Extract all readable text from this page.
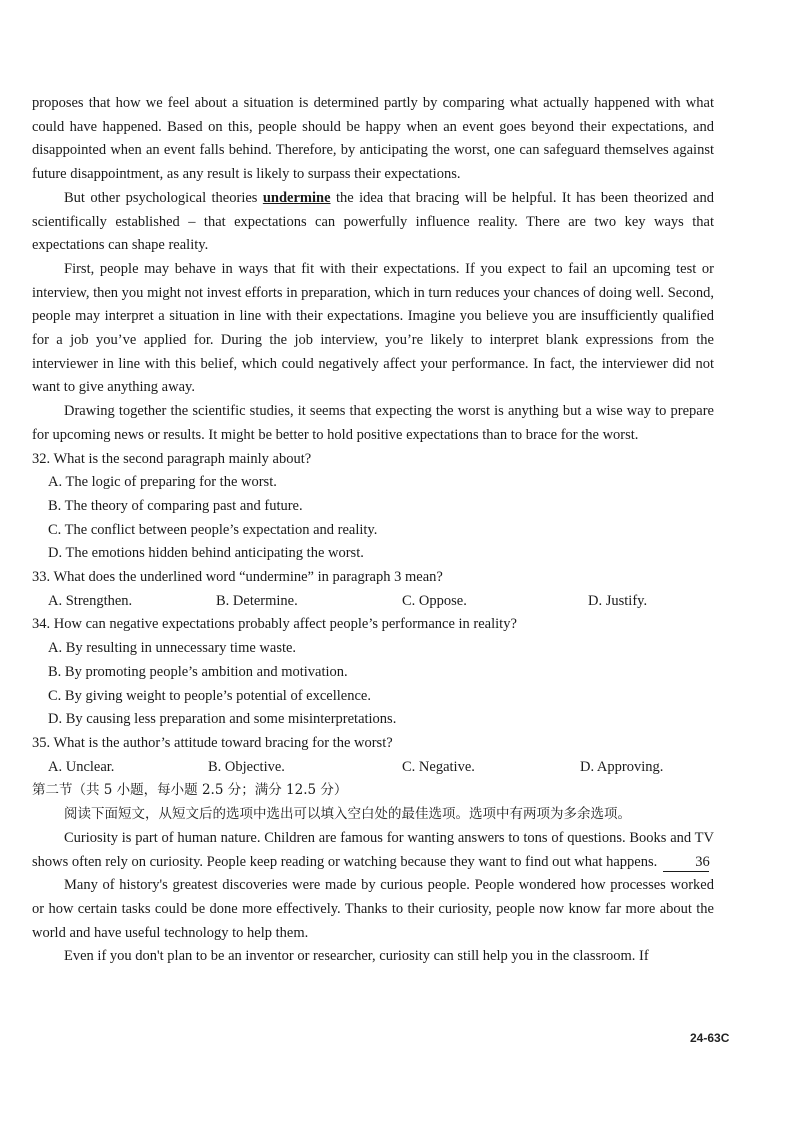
proposes that how we feel about a situation is determined partly by comparing what actually happened with what could have happened. Based on this, people should be happy when an event goes beyond their expectations, and disappointed when an event falls behind. Therefore, by anticipating the worst, one can safeguard themselves against future disappointment, as any result is likely to surpass their expectations.

But other psychological theories undermine the idea that bracing will be helpful. It has been theorized and scientifically established – that expectations can powerfully influence reality. There are two key ways that expectations can shape reality.

First, people may behave in ways that fit with their expectations. If you expect to fail an upcoming test or interview, then you might not invest efforts in preparation, which in turn reduces your chances of doing well. Second, people may interpret a situation in line with their expectations. Imagine you believe you are insufficiently qualified for a job you’ve applied for. During the job interview, you’re likely to interpret blank expressions from the interviewer in line with this belief, which could negatively affect your performance. In fact, the interviewer did not want to give anything away.

Drawing together the scientific studies, it seems that expecting the worst is anything but a wise way to prepare for upcoming news or results. It might be better to hold positive expectations than to brace for the worst.

32. What is the second paragraph mainly about?
A. The logic of preparing for the worst.
B. The theory of comparing past and future.
C. The conflict between people’s expectation and reality.
D. The emotions hidden behind anticipating the worst.
33. What does the underlined word “undermine” in paragraph 3 mean?
A. Strengthen.	B. Determine.	C. Oppose.	D. Justify.
34. How can negative expectations probably affect people’s performance in reality?
A. By resulting in unnecessary time waste.
B. By promoting people’s ambition and motivation.
C. By giving weight to people’s potential of excellence.
D. By causing less preparation and some misinterpretations.
35. What is the author’s attitude toward bracing for the worst?
A. Unclear.	B. Objective.	C. Negative.	D. Approving.
第二节（共 5 小题，每小题 2.5 分；满分 12.5 分）
阅读下面短文，从短文后的选项中选出可以填入空白处的最佳选项。选项中有两项为多余选项。

Curiosity is part of human nature. Children are famous for wanting answers to tons of questions. Books and TV shows often rely on curiosity. People keep reading or watching because they want to find out what happens.	36

Many of history's greatest discoveries were made by curious people. People wondered how processes worked or how certain tasks could be done more effectively. Thanks to their curiosity, people now know far more about the world and have useful technology to help them.

Even if you don't plan to be an inventor or researcher, curiosity can still help you in the classroom. If

24-63C
